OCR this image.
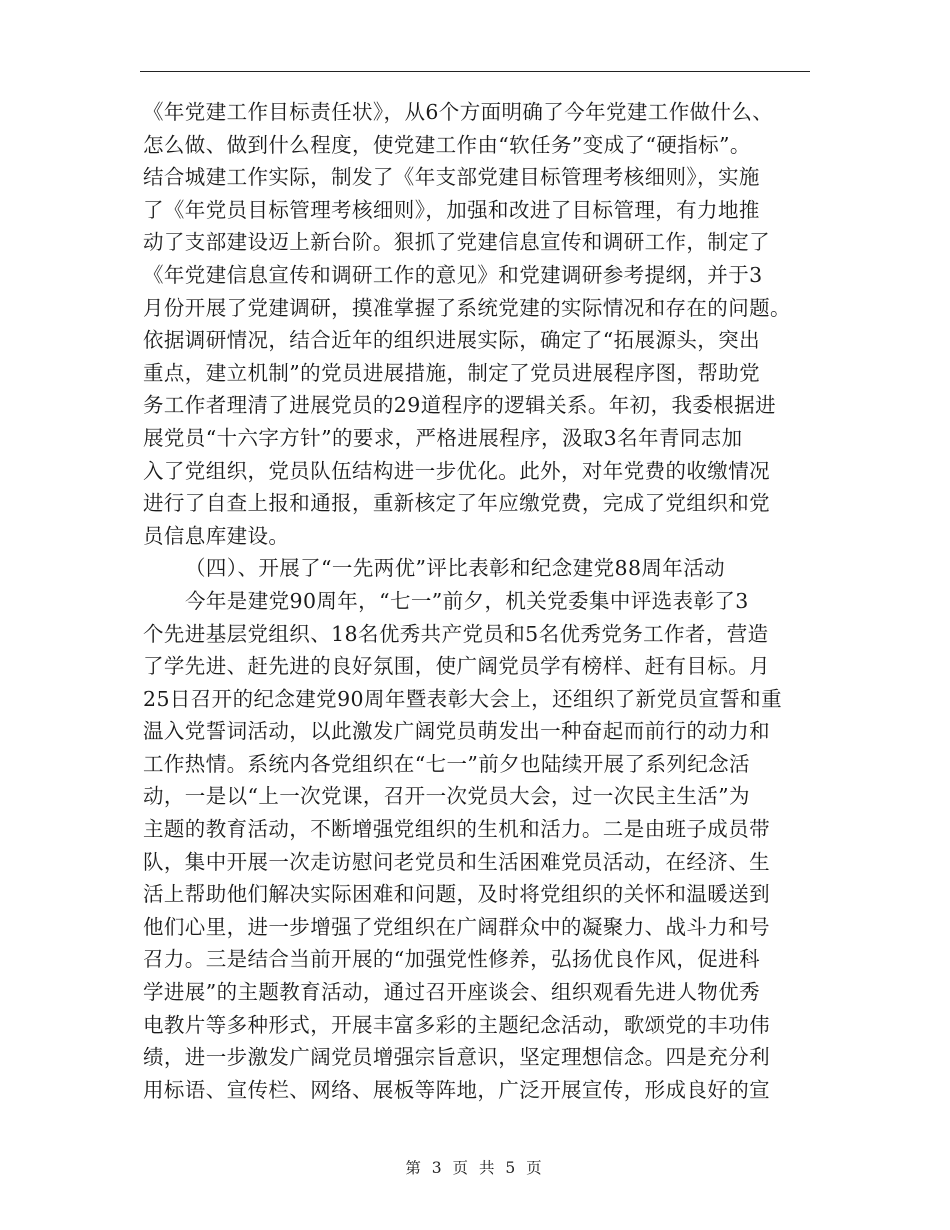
《年党建工作目标责任状》，从6个方面明确了今年党建工作做什么、
怎么做、做到什么程度，使党建工作由“软任务”变成了“硬指标”。
结合城建工作实际，制发了《年支部党建目标管理考核细则》，实施
了《年党员目标管理考核细则》，加强和改进了目标管理，有力地推
动了支部建设迈上新台阶。狠抓了党建信息宣传和调研工作，制定了
《年党建信息宣传和调研工作的意见》和党建调研参考提纲，并于3
月份开展了党建调研，摸准掌握了系统党建的实际情况和存在的问题。
依据调研情况，结合近年的组织进展实际，确定了“拓展源头，突出
重点，建立机制”的党员进展措施，制定了党员进展程序图，帮助党
务工作者理清了进展党员的29道程序的逻辑关系。年初，我委根据进
展党员“十六字方针”的要求，严格进展程序，汲取3名年青同志加
入了党组织，党员队伍结构进一步优化。此外，对年党费的收缴情况
进行了自查上报和通报，重新核定了年应缴党费，完成了党组织和党
员信息库建设。
（四）、开展了“一先两优”评比表彰和纪念建党88周年活动
今年是建党90周年，“七一”前夕，机关党委集中评选表彰了3
个先进基层党组织、18名优秀共产党员和5名优秀党务工作者，营造
了学先进、赶先进的良好氛围，使广阔党员学有榜样、赶有目标。月
25日召开的纪念建党90周年暨表彰大会上，还组织了新党员宣誓和重
温入党誓词活动，以此激发广阔党员萌发出一种奋起而前行的动力和
工作热情。系统内各党组织在“七一”前夕也陆续开展了系列纪念活
动，一是以“上一次党课，召开一次党员大会，过一次民主生活”为
主题的教育活动，不断增强党组织的生机和活力。二是由班子成员带
队，集中开展一次走访慰问老党员和生活困难党员活动，在经济、生
活上帮助他们解决实际困难和问题，及时将党组织的关怀和温暖送到
他们心里，进一步增强了党组织在广阔群众中的凝聚力、战斗力和号
召力。三是结合当前开展的“加强党性修养，弘扬优良作风，促进科
学进展”的主题教育活动，通过召开座谈会、组织观看先进人物优秀
电教片等多种形式，开展丰富多彩的主题纪念活动，歌颂党的丰功伟
绩，进一步激发广阔党员增强宗旨意识，坚定理想信念。四是充分利
用标语、宣传栏、网络、展板等阵地，广泛开展宣传，形成良好的宣
第 3 页 共 5 页
